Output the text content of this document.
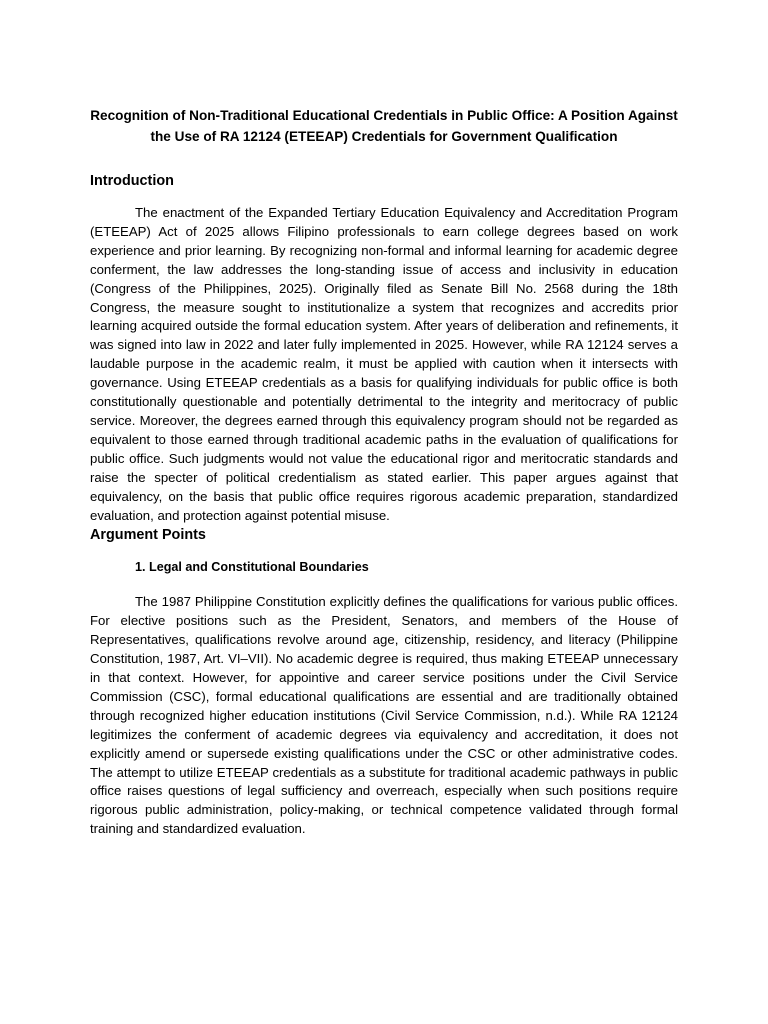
Recognition of Non-Traditional Educational Credentials in Public Office: A Position Against the Use of RA 12124 (ETEEAP) Credentials for Government Qualification
Introduction

The enactment of the Expanded Tertiary Education Equivalency and Accreditation Program (ETEEAP) Act of 2025 allows Filipino professionals to earn college degrees based on work experience and prior learning. By recognizing non-formal and informal learning for academic degree conferment, the law addresses the long-standing issue of access and inclusivity in education (Congress of the Philippines, 2025). Originally filed as Senate Bill No. 2568 during the 18th Congress, the measure sought to institutionalize a system that recognizes and accredits prior learning acquired outside the formal education system. After years of deliberation and refinements, it was signed into law in 2022 and later fully implemented in 2025. However, while RA 12124 serves a laudable purpose in the academic realm, it must be applied with caution when it intersects with governance. Using ETEEAP credentials as a basis for qualifying individuals for public office is both constitutionally questionable and potentially detrimental to the integrity and meritocracy of public service. Moreover, the degrees earned through this equivalency program should not be regarded as equivalent to those earned through traditional academic paths in the evaluation of qualifications for public office. Such judgments would not value the educational rigor and meritocratic standards and raise the specter of political credentialism as stated earlier. This paper argues against that equivalency, on the basis that public office requires rigorous academic preparation, standardized evaluation, and protection against potential misuse.

Argument Points
1. Legal and Constitutional Boundaries

The 1987 Philippine Constitution explicitly defines the qualifications for various public offices. For elective positions such as the President, Senators, and members of the House of Representatives, qualifications revolve around age, citizenship, residency, and literacy (Philippine Constitution, 1987, Art. VI–VII). No academic degree is required, thus making ETEEAP unnecessary in that context. However, for appointive and career service positions under the Civil Service Commission (CSC), formal educational qualifications are essential and are traditionally obtained through recognized higher education institutions (Civil Service Commission, n.d.). While RA 12124 legitimizes the conferment of academic degrees via equivalency and accreditation, it does not explicitly amend or supersede existing qualifications under the CSC or other administrative codes. The attempt to utilize ETEEAP credentials as a substitute for traditional academic pathways in public office raises questions of legal sufficiency and overreach, especially when such positions require rigorous public administration, policy-making, or technical competence validated through formal training and standardized evaluation.
